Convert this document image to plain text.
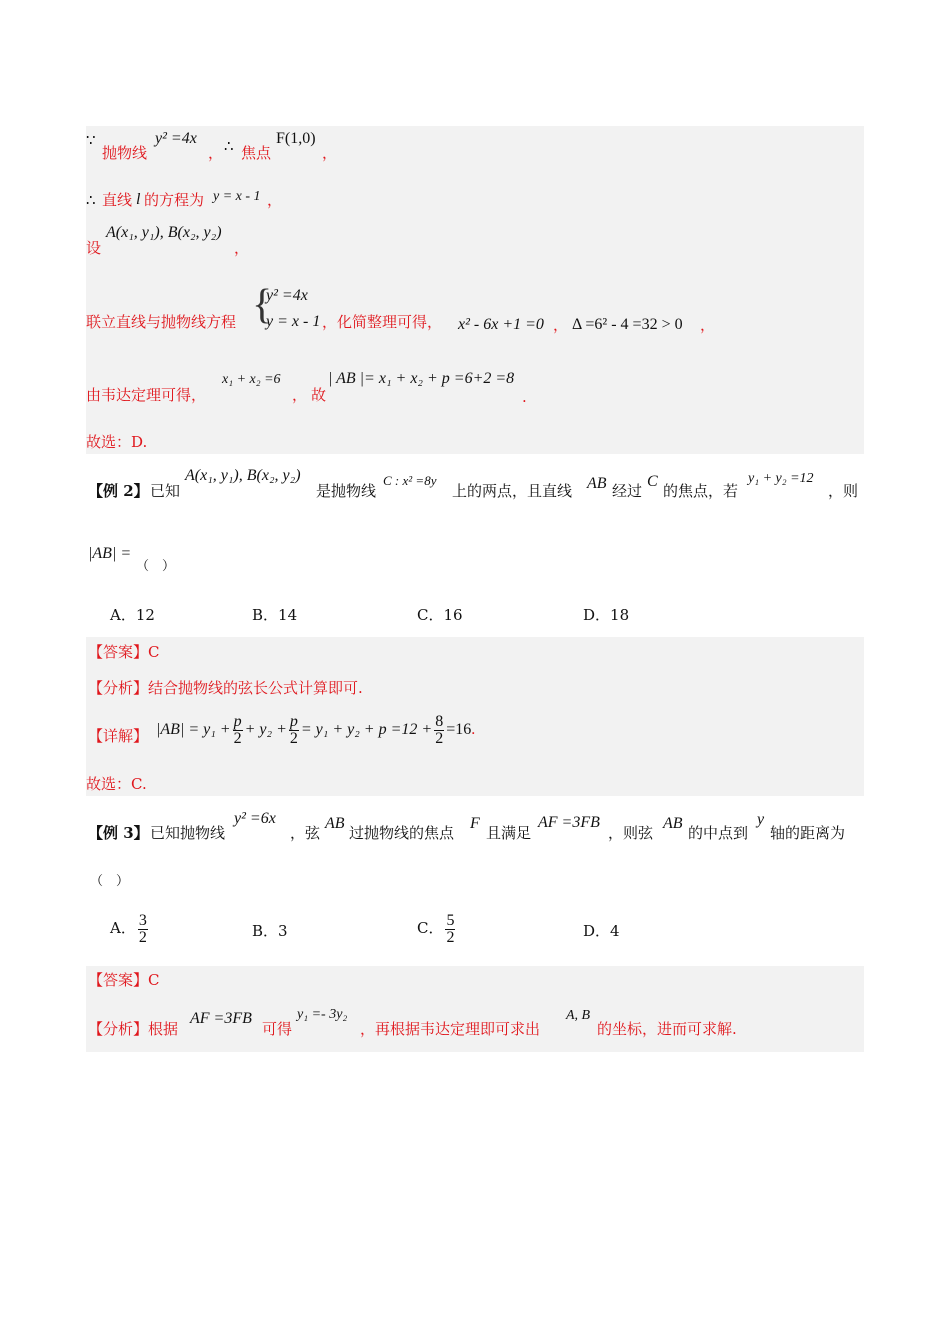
∵
抛物线
y² =4x
， ∴ 焦点
F(1,0)
，
∴ 直线 l 的方程为 y = x - 1 ，
设
A(x₁, y₁), B(x₂, y₂)
，
联立直线与抛物线方程 {
y² =4x
y = x - 1 ，化简整理可得， x² - 6x +1 =0 ， Δ =6² - 4 =32 > 0 ，
由韦达定理可得，
x₁ + x₂ =6
， 故
| AB |= x₁ + x₂ + p =6+2 =8
.
故选：D.
【例 2】 已知
A(x₁, y₁), B(x₂, y₂)
是抛物线
C : x² =8y
上的两点，且直线 AB 经过
C
的焦点，若
y₁ + y₂ =12
，则
|AB| =
（　）
A．12	B．14	C．16	D．18
【答案】C
【分析】结合抛物线的弦长公式计算即可.
【详解】 $|AB| = y_1 + \frac{p}{2} + y_2 + \frac{p}{2} = y_1 + y_2 + p =12 + \frac{8}{2} =16$.
故选：C.
【例 3】 已知抛物线
y² =6x
，弦
AB
过抛物线的焦点
F
且满足
AF =3FB
，则弦
AB
的中点到
y
轴的距离为
（　）
A． $\frac{3}{2}$	B．3	C． $\frac{5}{2}$	D．4
【答案】C
【分析】根据
AF =3FB
可得
y₁ =- 3y₂
，再根据韦达定理即可求出
A, B
的坐标，进而可求解.
